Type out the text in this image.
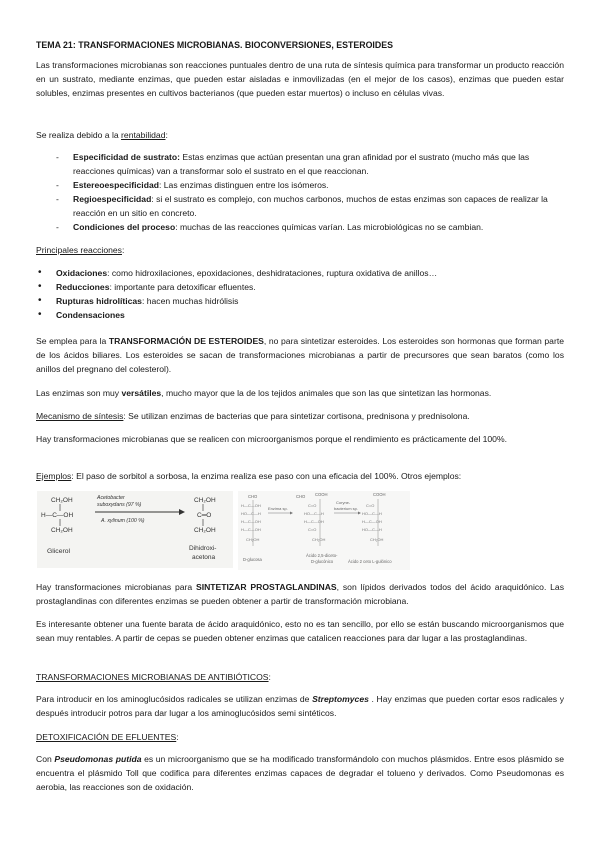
TEMA 21: TRANSFORMACIONES MICROBIANAS. BIOCONVERSIONES, ESTEROIDES

Las transformaciones microbianas son reacciones puntuales dentro de una ruta de síntesis química para transformar un producto reacción en un sustrato, mediante enzimas, que pueden estar aisladas e inmovilizadas (en el mejor de los casos), enzimas que pueden estar solubles, enzimas presentes en cultivos bacterianos (que pueden estar muertos) o incluso en células vivas.

Se realiza debido a la rentabilidad:

- Especificidad de sustrato: Estas enzimas que actúan presentan una gran afinidad por el sustrato (mucho más que las reacciones químicas) van a transformar solo el sustrato en el que reaccionan.
- Estereoespecificidad: Las enzimas distinguen entre los isómeros.
- Regioespecificidad: si el sustrato es complejo, con muchos carbonos, muchos de estas enzimas son capaces de realizar la reacción en un sitio en concreto.
- Condiciones del proceso: muchas de las reacciones químicas varían. Las microbiológicas no se cambian.

Principales reacciones:

• Oxidaciones: como hidroxilaciones, epoxidaciones, deshidrataciones, ruptura oxidativa de anillos…
• Reducciones: importante para detoxificar efluentes.
• Rupturas hidrolíticas: hacen muchas hidrólisis
• Condensaciones

Se emplea para la TRANSFORMACIÓN DE ESTEROIDES, no para sintetizar esteroides. Los esteroides son hormonas que forman parte de los ácidos biliares. Los esteroides se sacan de transformaciones microbianas a partir de precursores que sean baratos (como los anillos del pregnano del colesterol).

Las enzimas son muy versátiles, mucho mayor que la de los tejidos animales que son las que sintetizan las hormonas.

Mecanismo de síntesis: Se utilizan enzimas de bacterias que para sintetizar cortisona, prednisona y prednisolona.

Hay transformaciones microbianas que se realicen con microorganismos porque el rendimiento es prácticamente del 100%.

Ejemplos: El paso de sorbitol a sorbosa, la enzima realiza ese paso con una eficacia del 100%. Otros ejemplos:

CH₂OH
H—C—OH
CH₂OH
Glicerol
Acetobacter
suboxydans (97 %)
A. xylinum (100 %)
CH₂OH
C═O
CH₂OH
Dihidroxi-
acetona
CHO
H—C—OH
HO—C—H
H—C—OH
H—C—OH
CH₂OH
D-glucosa
Enzima sp.
CHO COOH
C=O
HO—C—H
H—C—OH
C=O
CH₂OH
Ácido 2,5-diceto-
D-glucónico
Coryne-
bacterium sp.
COOH
C=O
HO—C—H
H—C—OH
HO—C—H
CH₂OH
Ácido 2 ceto L-gulónico

Hay transformaciones microbianas para SINTETIZAR PROSTAGLANDINAS, son lípidos derivados todos del ácido araquidónico. Las prostaglandinas con diferentes enzimas se pueden obtener a partir de transformación microbiana.

Es interesante obtener una fuente barata de ácido araquidónico, esto no es tan sencillo, por ello se están buscando microorganismos que sean muy rentables. A partir de cepas se pueden obtener enzimas que catalicen reacciones para dar lugar a las prostaglandinas.

TRANSFORMACIONES MICROBIANAS DE ANTIBIÓTICOS:

Para introducir en los aminoglucósidos radicales se utilizan enzimas de Streptomyces . Hay enzimas que pueden cortar esos radicales y después introducir potros para dar lugar a los aminoglucósidos semi sintéticos.

DETOXIFICACIÓN DE EFLUENTES:

Con Pseudomonas putida es un microorganismo que se ha modificado transformándolo con muchos plásmidos. Entre esos plásmido se encuentra el plásmido Toll que codifica para diferentes enzimas capaces de degradar el tolueno y derivados. Como Pseudomonas es aerobia, las reacciones son de oxidación.
